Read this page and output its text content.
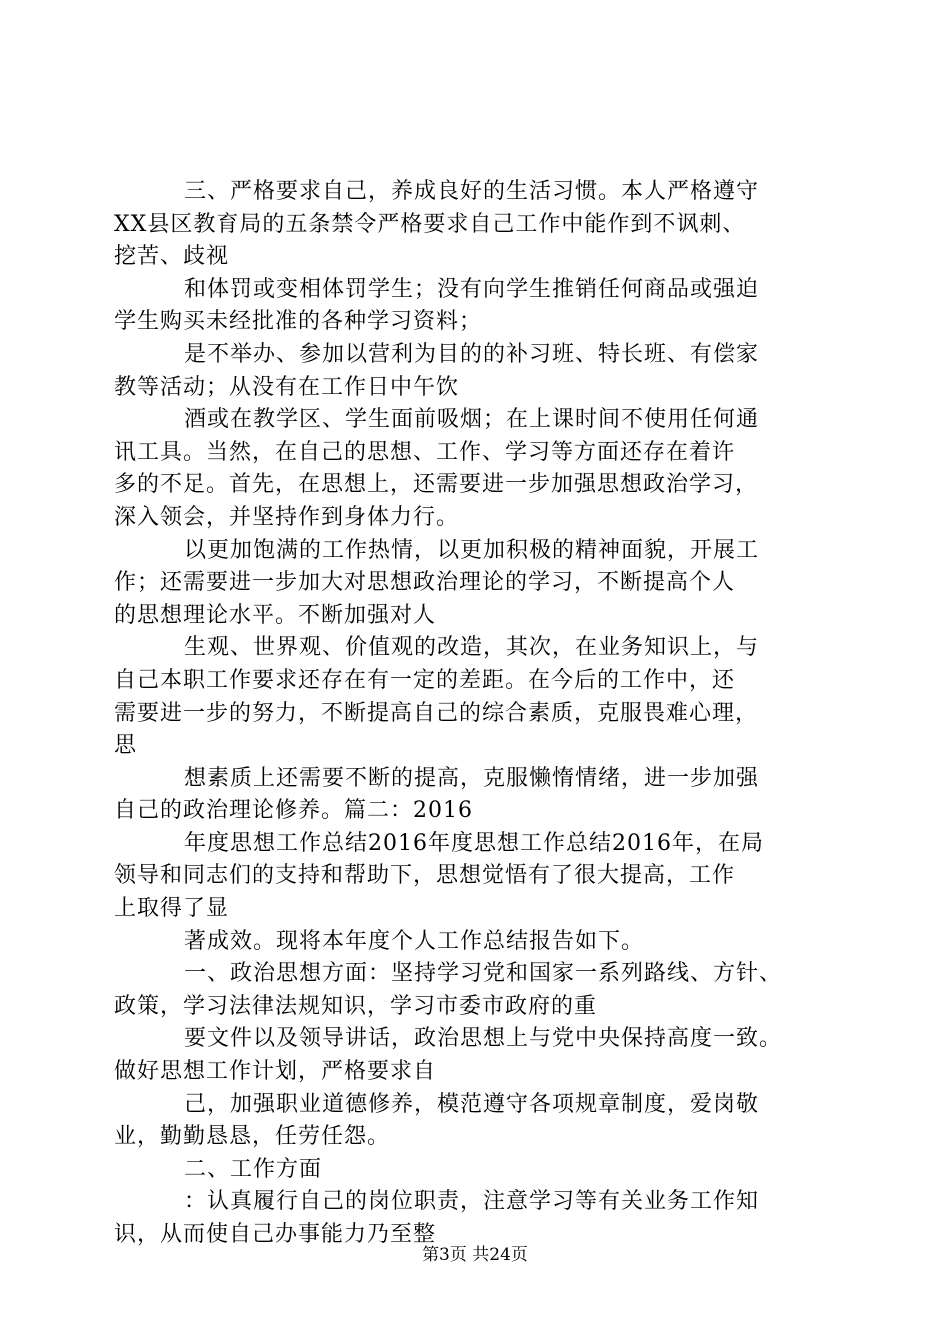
三、严格要求自己，养成良好的生活习惯。本人严格遵守
XX县区教育局的五条禁令严格要求自己工作中能作到不讽刺、
挖苦、歧视
和体罚或变相体罚学生；没有向学生推销任何商品或强迫
学生购买未经批准的各种学习资料；
是不举办、参加以营利为目的的补习班、特长班、有偿家
教等活动；从没有在工作日中午饮
酒或在教学区、学生面前吸烟；在上课时间不使用任何通
讯工具。当然，在自己的思想、工作、学习等方面还存在着许
多的不足。首先，在思想上，还需要进一步加强思想政治学习，
深入领会，并坚持作到身体力行。
以更加饱满的工作热情，以更加积极的精神面貌，开展工
作；还需要进一步加大对思想政治理论的学习，不断提高个人
的思想理论水平。不断加强对人
生观、世界观、价值观的改造，其次，在业务知识上，与
自己本职工作要求还存在有一定的差距。在今后的工作中，还
需要进一步的努力，不断提高自己的综合素质，克服畏难心理，
思
想素质上还需要不断的提高，克服懒惰情绪，进一步加强
自己的政治理论修养。篇二：2016
年度思想工作总结2016年度思想工作总结2016年，在局
领导和同志们的支持和帮助下，思想觉悟有了很大提高，工作
上取得了显
著成效。现将本年度个人工作总结报告如下。
一、政治思想方面：坚持学习党和国家一系列路线、方针、
政策，学习法律法规知识，学习市委市政府的重
要文件以及领导讲话，政治思想上与党中央保持高度一致。
做好思想工作计划，严格要求自
己，加强职业道德修养，模范遵守各项规章制度，爱岗敬
业，勤勤恳恳，任劳任怨。
二、工作方面
：认真履行自己的岗位职责，注意学习等有关业务工作知
识，从而使自己办事能力乃至整
第3页 共24页
